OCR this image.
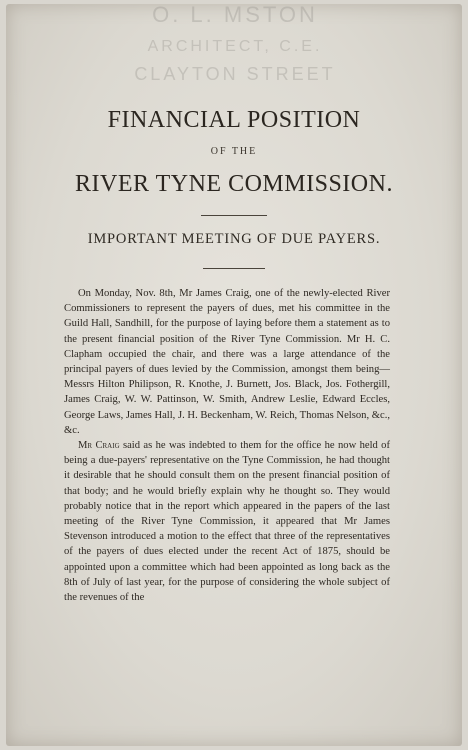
O. L. MSTON
ARCHITECT, C.E.
CLAYTON STREET
FINANCIAL POSITION
OF THE
RIVER TYNE COMMISSION.
IMPORTANT MEETING OF DUE PAYERS.

On Monday, Nov. 8th, Mr James Craig, one of the newly-elected River Commissioners to represent the payers of dues, met his committee in the Guild Hall, Sandhill, for the purpose of laying before them a statement as to the present financial position of the River Tyne Commission. Mr H. C. Clapham occupied the chair, and there was a large attendance of the principal payers of dues levied by the Commission, amongst them being—Messrs Hilton Philipson, R. Knothe, J. Burnett, Jos. Black, Jos. Fothergill, James Craig, W. W. Pattinson, W. Smith, Andrew Leslie, Edward Eccles, George Laws, James Hall, J. H. Beckenham, W. Reich, Thomas Nelson, &c., &c.

Mr Craig said as he was indebted to them for the office he now held of being a due-payers' representative on the Tyne Commission, he had thought it desirable that he should consult them on the present financial position of that body; and he would briefly explain why he thought so. They would probably notice that in the report which appeared in the papers of the last meeting of the River Tyne Commission, it appeared that Mr James Stevenson introduced a motion to the effect that three of the representatives of the payers of dues elected under the recent Act of 1875, should be appointed upon a committee which had been appointed as long back as the 8th of July of last year, for the purpose of considering the whole subject of the revenues of the
